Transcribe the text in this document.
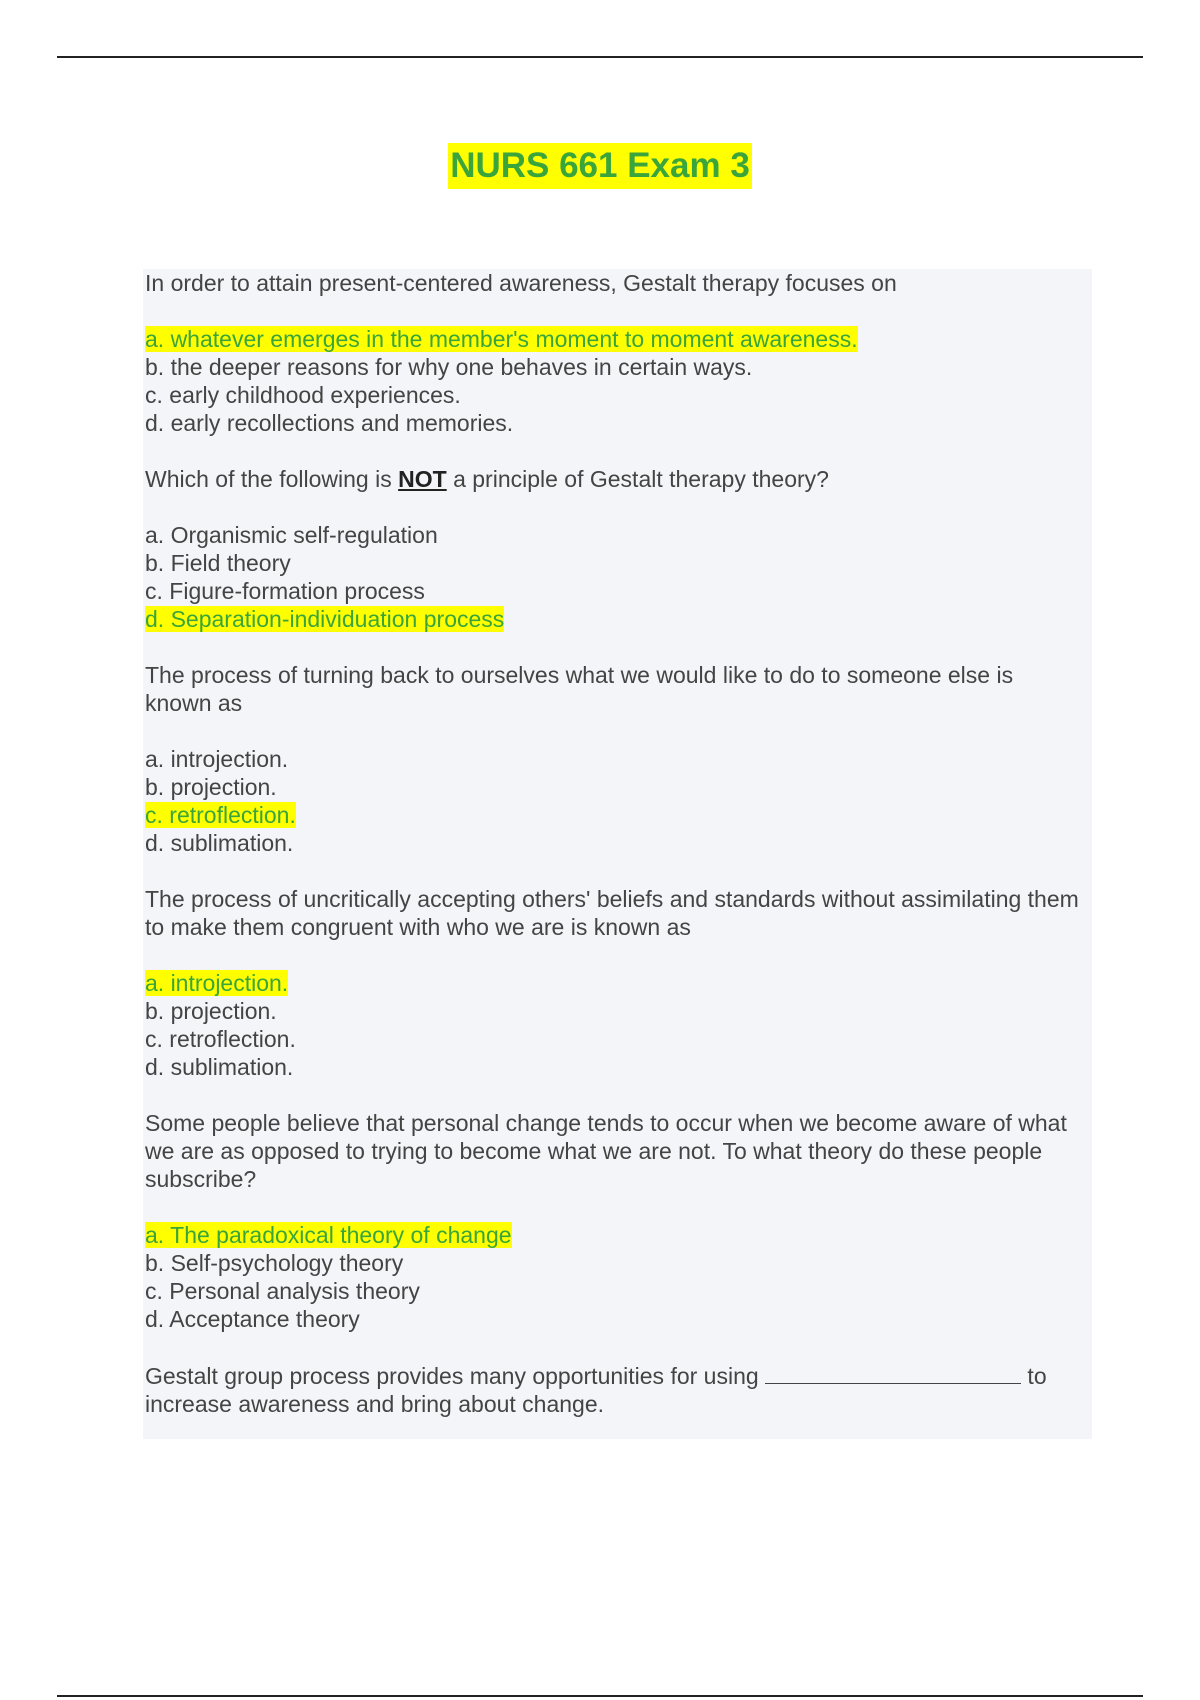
NURS 661 Exam 3
In order to attain present-centered awareness, Gestalt therapy focuses on
a. whatever emerges in the member's moment to moment awareness.
b. the deeper reasons for why one behaves in certain ways.
c. early childhood experiences.
d. early recollections and memories.
Which of the following is NOT a principle of Gestalt therapy theory?
a. Organismic self-regulation
b. Field theory
c. Figure-formation process
d. Separation-individuation process
The process of turning back to ourselves what we would like to do to someone else is known as
a. introjection.
b. projection.
c. retroflection.
d. sublimation.
The process of uncritically accepting others' beliefs and standards without assimilating them to make them congruent with who we are is known as
a. introjection.
b. projection.
c. retroflection.
d. sublimation.
Some people believe that personal change tends to occur when we become aware of what we are as opposed to trying to become what we are not. To what theory do these people subscribe?
a. The paradoxical theory of change
b. Self-psychology theory
c. Personal analysis theory
d. Acceptance theory
Gestalt group process provides many opportunities for using	to increase awareness and bring about change.
